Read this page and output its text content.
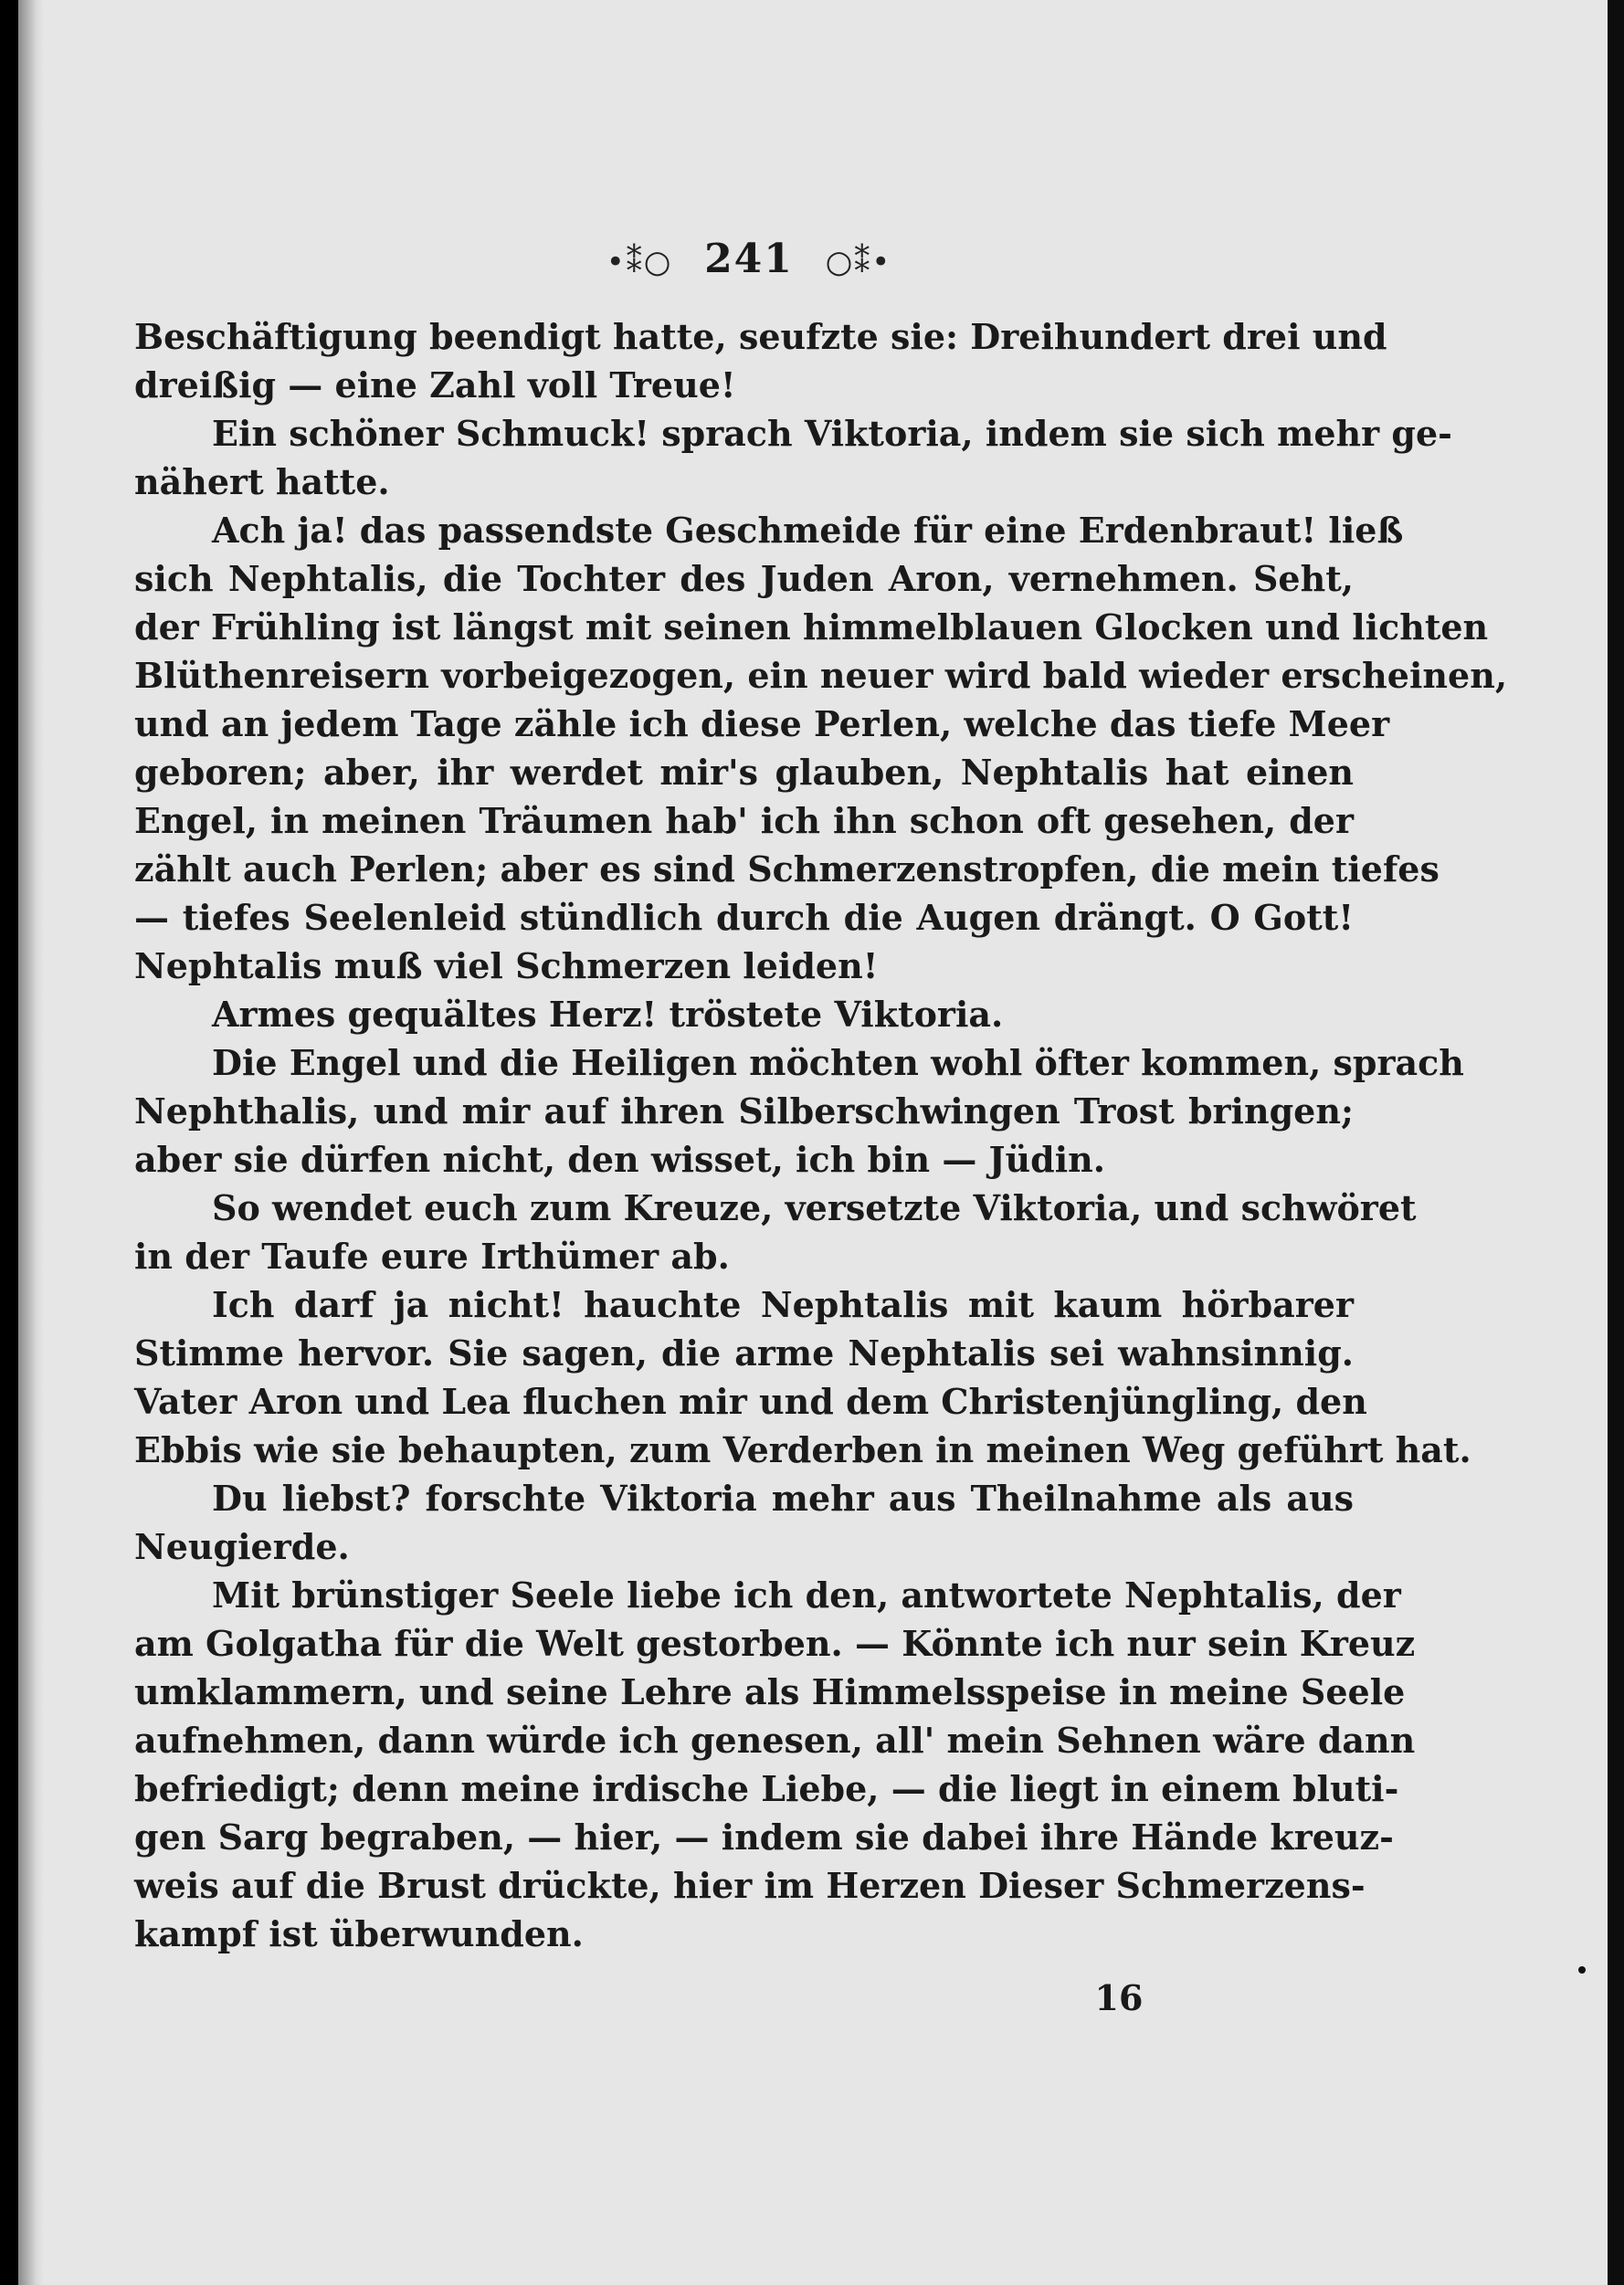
•⁑○ 241 ○⁑•
Beschäftigung beendigt hatte, seufzte sie: Dreihundert drei und
dreißig — eine Zahl voll Treue!
Ein schöner Schmuck! sprach Viktoria, indem sie sich mehr ge-
nähert hatte.
Ach ja! das passendste Geschmeide für eine Erdenbraut! ließ
sich Nephtalis, die Tochter des Juden Aron, vernehmen. Seht,
der Frühling ist längst mit seinen himmelblauen Glocken und lichten
Blüthenreisern vorbeigezogen, ein neuer wird bald wieder erscheinen,
und an jedem Tage zähle ich diese Perlen, welche das tiefe Meer
geboren; aber, ihr werdet mir's glauben, Nephtalis hat einen
Engel, in meinen Träumen hab' ich ihn schon oft gesehen, der
zählt auch Perlen; aber es sind Schmerzenstropfen, die mein tiefes
— tiefes Seelenleid stündlich durch die Augen drängt. O Gott!
Nephtalis muß viel Schmerzen leiden!
Armes gequältes Herz! tröstete Viktoria.
Die Engel und die Heiligen möchten wohl öfter kommen, sprach
Nephthalis, und mir auf ihren Silberschwingen Trost bringen;
aber sie dürfen nicht, den wisset, ich bin — Jüdin.
So wendet euch zum Kreuze, versetzte Viktoria, und schwöret
in der Taufe eure Irthümer ab.
Ich darf ja nicht! hauchte Nephtalis mit kaum hörbarer
Stimme hervor. Sie sagen, die arme Nephtalis sei wahnsinnig.
Vater Aron und Lea fluchen mir und dem Christenjüngling, den
Ebbis wie sie behaupten, zum Verderben in meinen Weg geführt hat.
Du liebst? forschte Viktoria mehr aus Theilnahme als aus
Neugierde.
Mit brünstiger Seele liebe ich den, antwortete Nephtalis, der
am Golgatha für die Welt gestorben. — Könnte ich nur sein Kreuz
umklammern, und seine Lehre als Himmelsspeise in meine Seele
aufnehmen, dann würde ich genesen, all' mein Sehnen wäre dann
befriedigt; denn meine irdische Liebe, — die liegt in einem bluti-
gen Sarg begraben, — hier, — indem sie dabei ihre Hände kreuz-
weis auf die Brust drückte, hier im Herzen Dieser Schmerzens-
kampf ist überwunden.
16
